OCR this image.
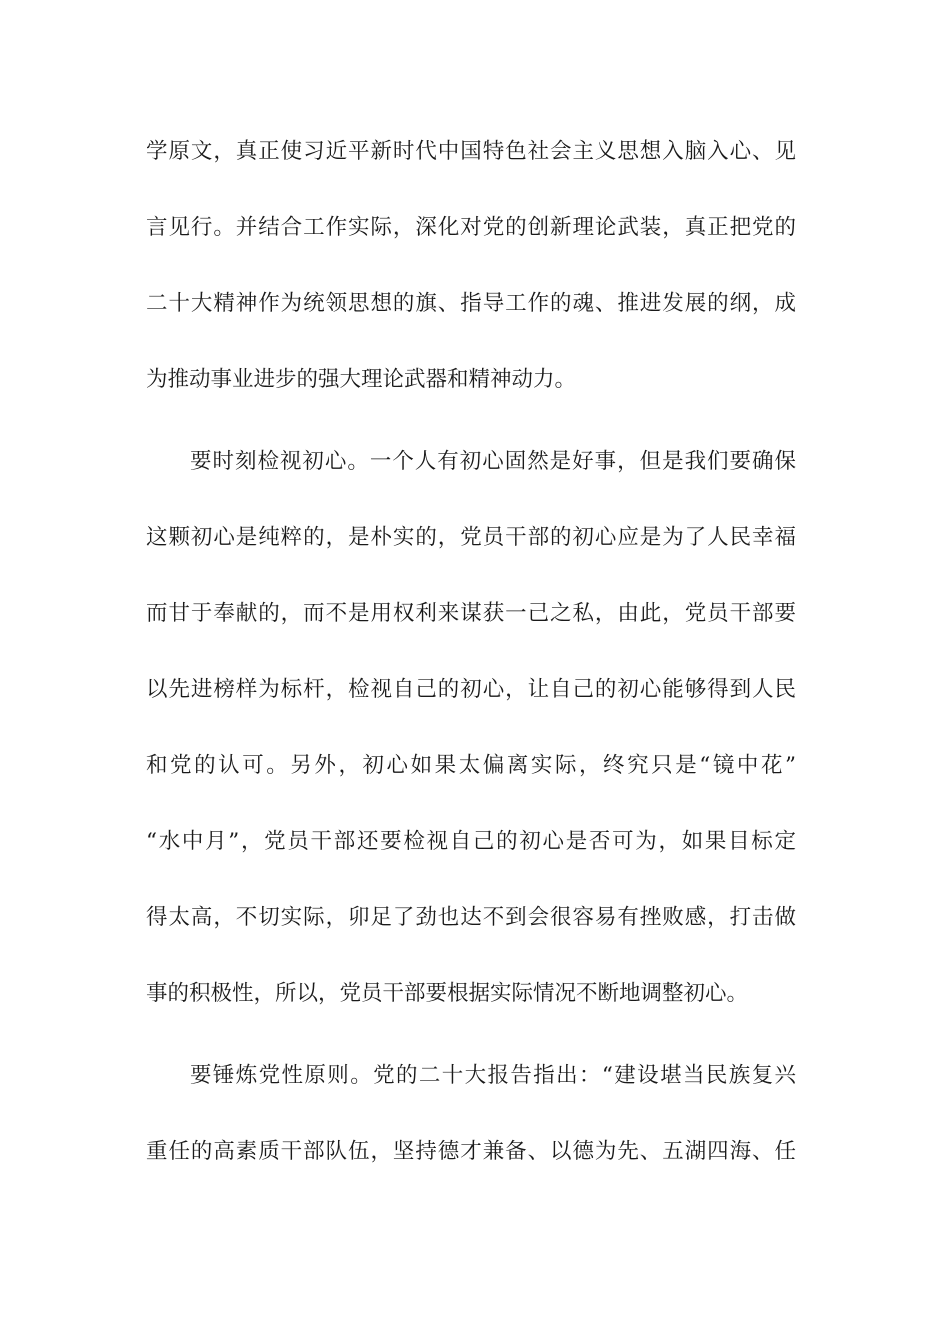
学原文，真正使习近平新时代中国特色社会主义思想入脑入心、见
言见行。并结合工作实际，深化对党的创新理论武装，真正把党的
二十大精神作为统领思想的旗、指导工作的魂、推进发展的纲，成
为推动事业进步的强大理论武器和精神动力。
要时刻检视初心。一个人有初心固然是好事，但是我们要确保
这颗初心是纯粹的，是朴实的，党员干部的初心应是为了人民幸福
而甘于奉献的，而不是用权利来谋获一己之私，由此，党员干部要
以先进榜样为标杆，检视自己的初心，让自己的初心能够得到人民
和党的认可。另外，初心如果太偏离实际，终究只是“镜中花”
“水中月”，党员干部还要检视自己的初心是否可为，如果目标定
得太高，不切实际，卯足了劲也达不到会很容易有挫败感，打击做
事的积极性，所以，党员干部要根据实际情况不断地调整初心。
要锤炼党性原则。党的二十大报告指出：“建设堪当民族复兴
重任的高素质干部队伍，坚持德才兼备、以德为先、五湖四海、任
